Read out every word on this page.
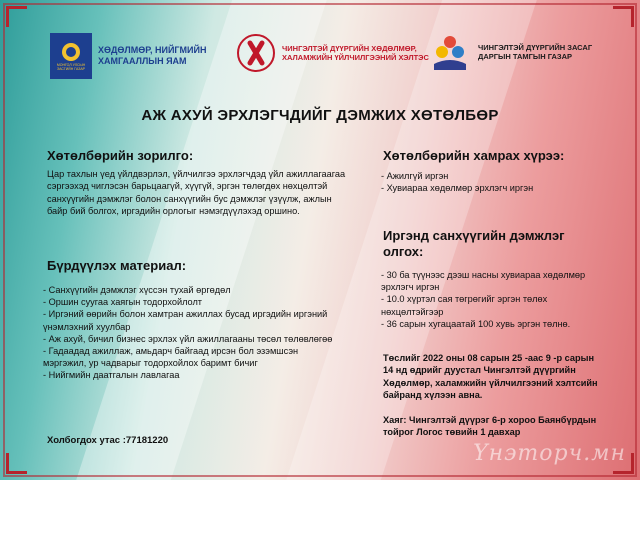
МОНГОЛ УЛСЫН ЗАСГИЙН ГАЗАР
ХӨДӨЛМӨР, НИЙГМИЙН ХАМГААЛЛЫН ЯАМ
ЧИНГЭЛТЭЙ ДҮҮРГИЙН ХӨДӨЛМӨР, ХАЛАМЖИЙН ҮЙЛЧИЛГЭЭНИЙ ХЭЛТЭС
ЧИНГЭЛТЭЙ ДҮҮРГИЙН ЗАСАГ ДАРГЫН ТАМГЫН ГАЗАР
АЖ АХУЙ ЭРХЛЭГЧДИЙГ ДЭМЖИХ ХӨТӨЛБӨР
Хөтөлбөрийн зорилго:
Цар тахлын үед үйлдвэрлэл, үйлчилгээ эрхлэгчдэд үйл ажиллагаагаа сэргээхэд чиглэсэн барьцаагүй, хүүгүй, эргэн төлөгдөх нөхцөлтэй санхүүгийн дэмжлэг болон санхүүгийн бус дэмжлэг үзүүлж, ажлын байр бий болгох, иргэдийн орлогыг нэмэгдүүлэхэд оршино.
Бүрдүүлэх материал:
- Санхүүгийн дэмжлэг хүссэн тухай өргөдөл
- Оршин суугаа хаягын тодорхойлолт
- Иргэний өөрийн болон хамтран ажиллах бусад иргэдийн иргэний үнэмлэхний хуулбар
- Аж ахуй, бичил бизнес эрхлэх үйл ажиллагааны төсөл төлөвлөгөө
- Гадаадад ажиллаж, амьдарч байгаад ирсэн бол эзэмшсэн мэргэжил, ур чадварыг тодорхойлох баримт бичиг
- Нийгмийн даатгалын лавлагаа
Холбогдох утас :77181220
Хөтөлбөрийн хамрах хүрээ:
- Ажилгүй иргэн
- Хувиараа хөдөлмөр эрхлэгч иргэн
Иргэнд санхүүгийн дэмжлэг олгох:
- 30 ба түүнээс дээш насны хувиараа хөдөлмөр эрхлэгч иргэн
- 10.0 хүртэл сая төгрөгийг эргэн төлөх нөхцөлтэйгээр
- 36 сарын хугацаатай 100 хувь эргэн төлнө.
Төслийг 2022 оны 08 сарын 25 -аас 9 -р сарын 14 нд өдрийг дуустал Чингэлтэй дүүргийн Хөдөлмөр, халамжийн үйлчилгээний хэлтсийн байранд хүлээн авна.
Хаяг: Чингэлтэй дүүрэг 6-р хороо Баянбүрдын тойрог Логос төвийн 1 давхар
Үнэторч.мн
